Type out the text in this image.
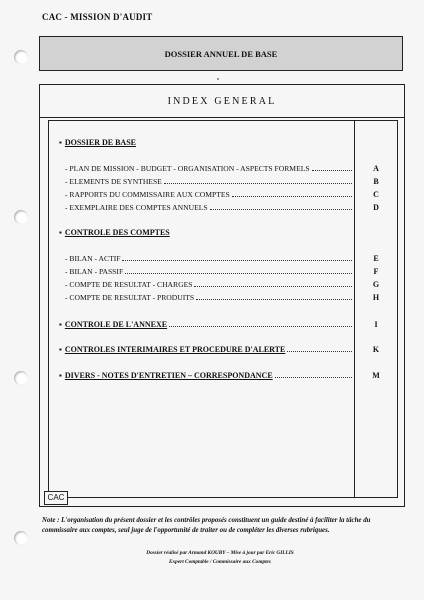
CAC - MISSION D'AUDIT
DOSSIER ANNUEL DE BASE
INDEX GENERAL
A
B
C
D
E
F
G
H
I
K
M
▪ DOSSIER DE BASE
- PLAN DE MISSION - BUDGET - ORGANISATION - ASPECTS FORMELS
- ELEMENTS DE SYNTHESE
- RAPPORTS DU COMMISSAIRE AUX COMPTES
- EXEMPLAIRE DES COMPTES ANNUELS
▪ CONTROLE DES COMPTES
- BILAN - ACTIF
- BILAN - PASSIF
- COMPTE DE RESULTAT - CHARGES
- COMPTE DE RESULTAT - PRODUITS
▪ CONTROLE DE L'ANNEXE
▪ CONTROLES INTERIMAIRES ET PROCEDURE D'ALERTE
▪ DIVERS - NOTES D'ENTRETIEN – CORRESPONDANCE
CAC
Note : L'organisation du présent dossier et les contrôles proposés constituent un guide destiné à faciliter la tâche du commissaire aux comptes, seul juge de l'opportunité de traiter ou de compléter les diverses rubriques.
Dossier réalisé par Armand KOUBY – Mise à jour par Eric GILLIS
Expert Comptable / Commissaire aux Comptes
